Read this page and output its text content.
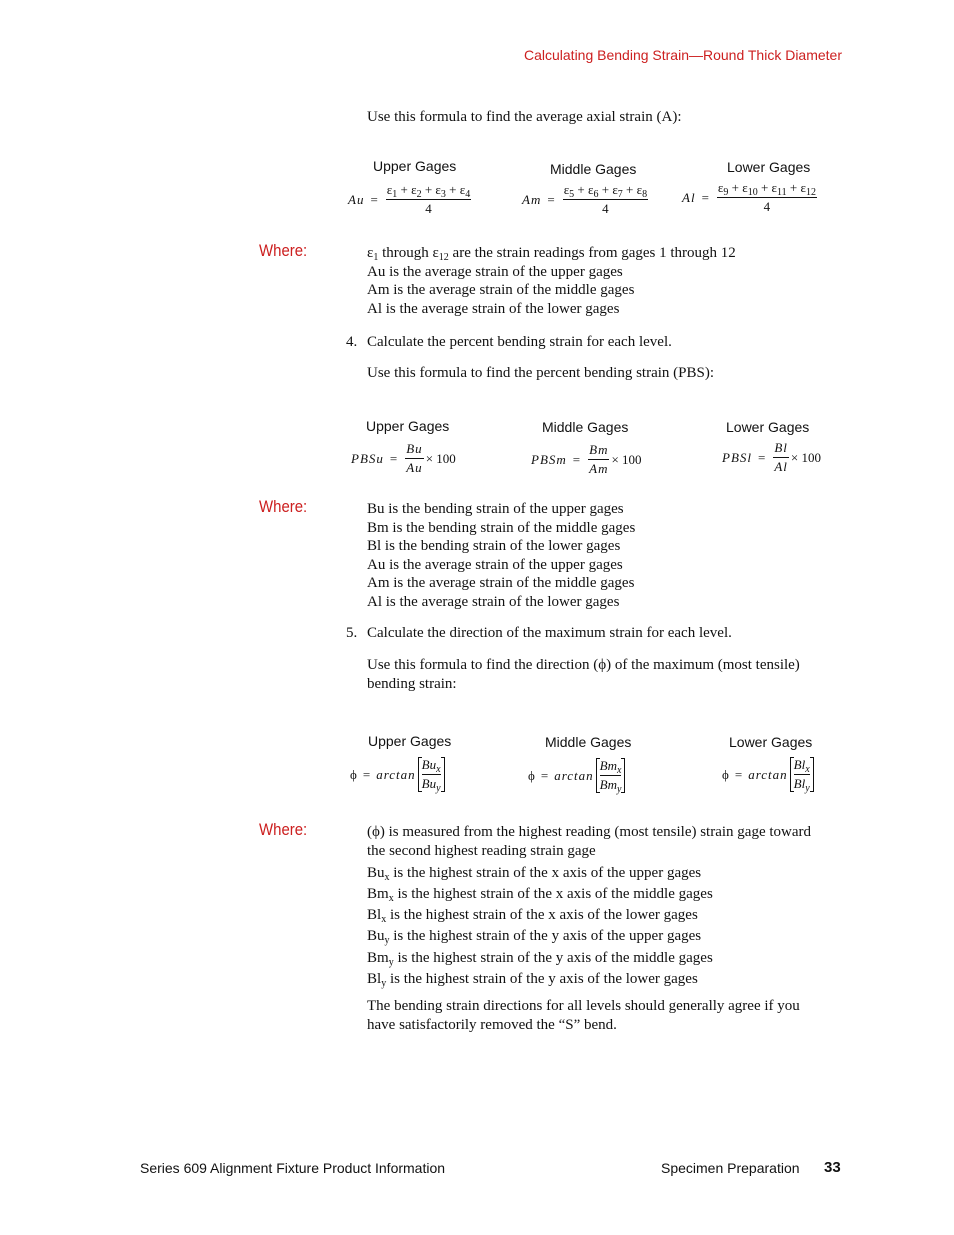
Calculating Bending Strain—Round Thick Diameter
Use this formula to find the average axial strain (A):
Upper Gages	Middle Gages	Lower Gages
$Au = \frac{\varepsilon_1 + \varepsilon_2 + \varepsilon_3 + \varepsilon_4}{4}$	$Am = \frac{\varepsilon_5 + \varepsilon_6 + \varepsilon_7 + \varepsilon_8}{4}$	$Al = \frac{\varepsilon_9 + \varepsilon_{10} + \varepsilon_{11} + \varepsilon_{12}}{4}$
Where:	$\varepsilon_1$ through $\varepsilon_{12}$ are the strain readings from gages 1 through 12
Au is the average strain of the upper gages
Am is the average strain of the middle gages
Al is the average strain of the lower gages
4. Calculate the percent bending strain for each level.
Use this formula to find the percent bending strain (PBS):
Upper Gages	Middle Gages	Lower Gages
PBSu = $\frac{Bu}{Au} \times 100$	PBSm = $\frac{Bm}{Am} \times 100$	PBSl = $\frac{Bl}{Al} \times 100$
Where:	Bu is the bending strain of the upper gages
Bm is the bending strain of the middle gages
Bl is the bending strain of the lower gages
Au is the average strain of the upper gages
Am is the average strain of the middle gages
Al is the average strain of the lower gages
5. Calculate the direction of the maximum strain for each level.
Use this formula to find the direction (ϕ) of the maximum (most tensile)
bending strain:
Upper Gages	Middle Gages	Lower Gages
$\phi = \arctan \frac{Bu_x}{Bu_y}$	$\phi = \arctan \frac{Bm_x}{Bm_y}$	$\phi = \arctan \frac{Bl_x}{Bl_y}$
Where:	(ϕ) is measured from the highest reading (most tensile) strain gage toward
the second highest reading strain gage
$Bu_x$ is the highest strain of the x axis of the upper gages
$Bm_x$ is the highest strain of the x axis of the middle gages
$Bl_x$ is the highest strain of the x axis of the lower gages
$Bu_y$ is the highest strain of the y axis of the upper gages
$Bm_y$ is the highest strain of the y axis of the middle gages
$Bl_y$ is the highest strain of the y axis of the lower gages
The bending strain directions for all levels should generally agree if you
have satisfactorily removed the “S” bend.
Series 609 Alignment Fixture Product Information	Specimen Preparation 33
